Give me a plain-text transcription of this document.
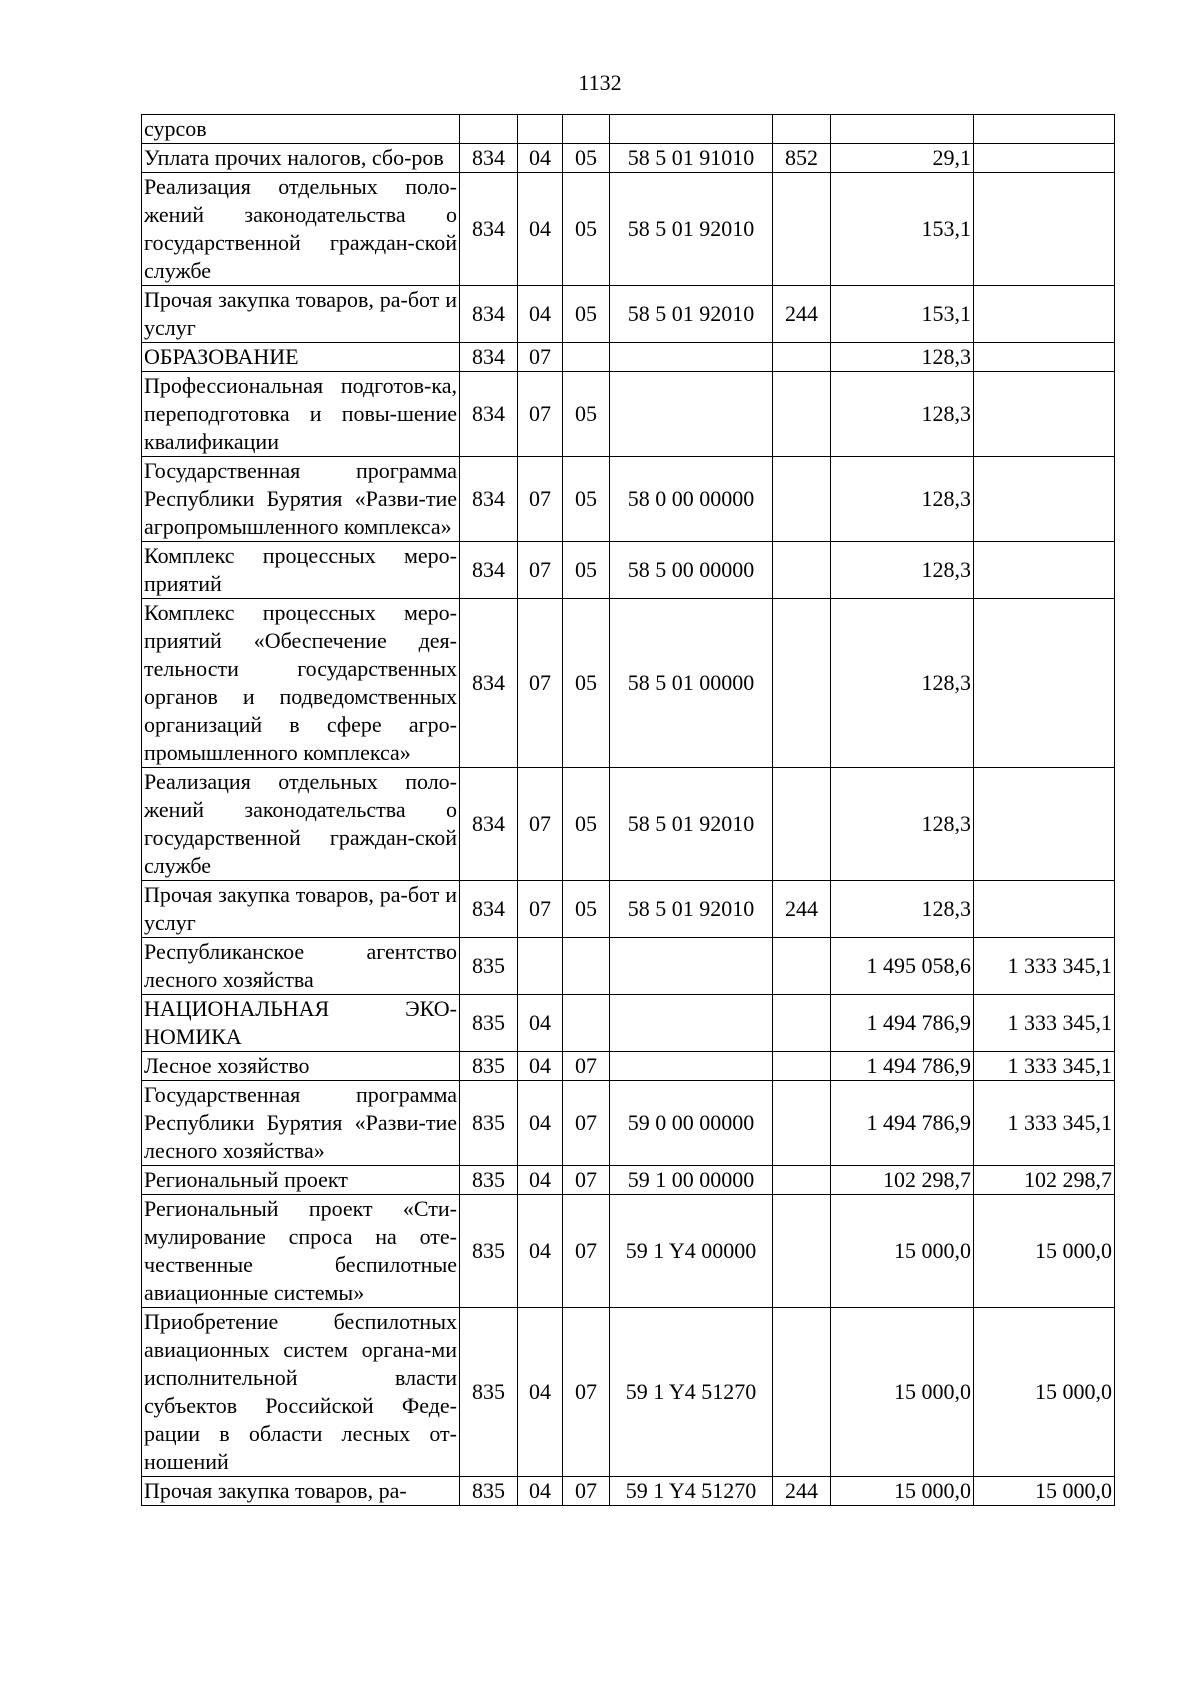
1132
сурсов							
Уплата прочих налогов, сбо-ров	834	04	05	58 5 01 91010	852	29,1	
Реализация отдельных поло-жений законодательства о государственной граждан-ской службе	834	04	05	58 5 01 92010		153,1	
Прочая закупка товаров, ра-бот и услуг	834	04	05	58 5 01 92010	244	153,1	
ОБРАЗОВАНИЕ	834	07				128,3	
Профессиональная подготов-ка, переподготовка и повы-шение квалификации	834	07	05			128,3	
Государственная программа Республики Бурятия «Разви-тие агропромышленного комплекса»	834	07	05	58 0 00 00000		128,3	
Комплекс процессных меро-приятий	834	07	05	58 5 00 00000		128,3	
Комплекс процессных меро-приятий «Обеспечение дея-тельности государственных органов и подведомственных организаций в сфере агро-промышленного комплекса»	834	07	05	58 5 01 00000		128,3	
Реализация отдельных поло-жений законодательства о государственной граждан-ской службе	834	07	05	58 5 01 92010		128,3	
Прочая закупка товаров, ра-бот и услуг	834	07	05	58 5 01 92010	244	128,3	
Республиканское агентство лесного хозяйства	835					1 495 058,6	1 333 345,1
НАЦИОНАЛЬНАЯ ЭКО-НОМИКА	835	04				1 494 786,9	1 333 345,1
Лесное хозяйство	835	04	07			1 494 786,9	1 333 345,1
Государственная программа Республики Бурятия «Разви-тие лесного хозяйства»	835	04	07	59 0 00 00000		1 494 786,9	1 333 345,1
Региональный проект	835	04	07	59 1 00 00000		102 298,7	102 298,7
Региональный проект «Сти-мулирование спроса на оте-чественные беспилотные авиационные системы»	835	04	07	59 1 Y4 00000		15 000,0	15 000,0
Приобретение беспилотных авиационных систем органа-ми исполнительной власти субъектов Российской Феде-рации в области лесных от-ношений	835	04	07	59 1 Y4 51270		15 000,0	15 000,0
Прочая закупка товаров, ра-	835	04	07	59 1 Y4 51270	244	15 000,0	15 000,0
